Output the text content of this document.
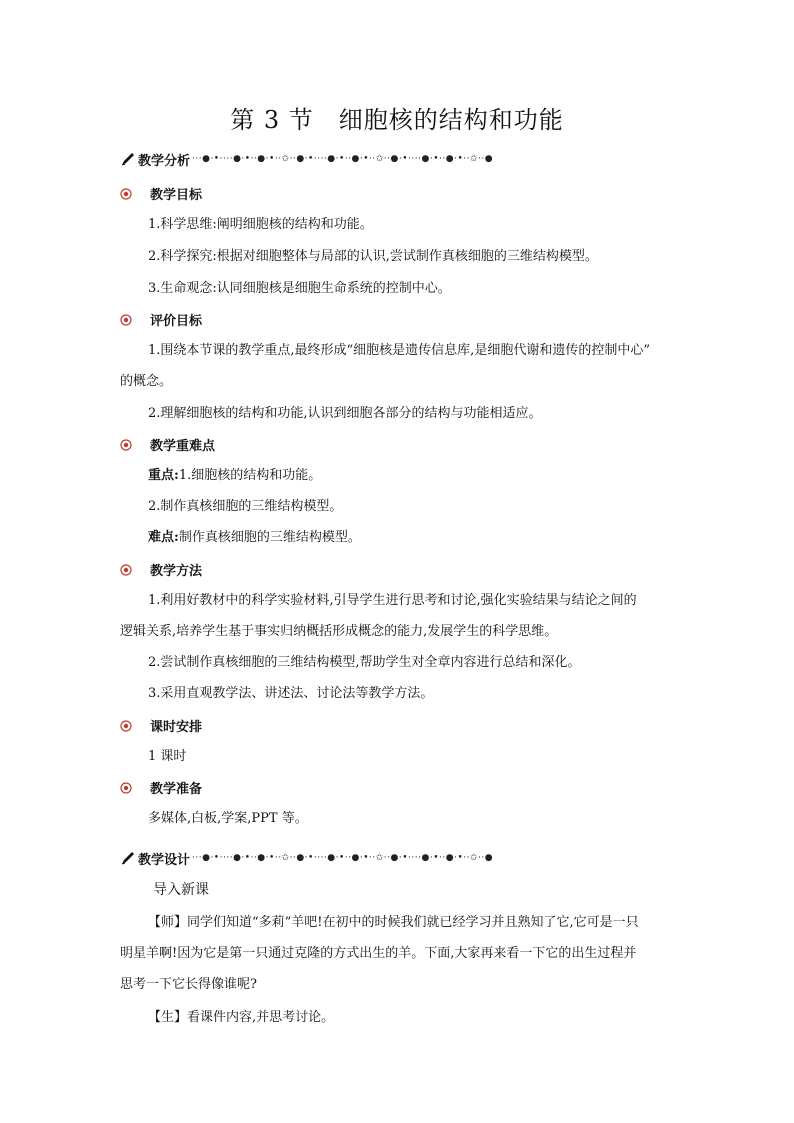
第 3 节　细胞核的结构和功能
教学分析 ···●·•····●·•··●·•··✩··●·•····●·•··●·•··✩··●·•····●·•··●·•··✩··●
教学目标
1.科学思维:阐明细胞核的结构和功能。
2.科学探究:根据对细胞整体与局部的认识,尝试制作真核细胞的三维结构模型。
3.生命观念:认同细胞核是细胞生命系统的控制中心。
评价目标
1.围绕本节课的教学重点,最终形成“细胞核是遗传信息库,是细胞代谢和遗传的控制中心”
的概念。
2.理解细胞核的结构和功能,认识到细胞各部分的结构与功能相适应。
教学重难点
重点:1.细胞核的结构和功能。
2.制作真核细胞的三维结构模型。
难点:制作真核细胞的三维结构模型。
教学方法
1.利用好教材中的科学实验材料,引导学生进行思考和讨论,强化实验结果与结论之间的
逻辑关系,培养学生基于事实归纳概括形成概念的能力,发展学生的科学思维。
2.尝试制作真核细胞的三维结构模型,帮助学生对全章内容进行总结和深化。
3.采用直观教学法、讲述法、讨论法等教学方法。
课时安排
1 课时
教学准备
多媒体,白板,学案,PPT 等。
教学设计 ···●·•····●·•··●·•··✩··●·•····●·•··●·•··✩··●·•····●·•··●·•··✩··●
导入新课
【师】同学们知道“多莉”羊吧!在初中的时候我们就已经学习并且熟知了它,它可是一只
明星羊啊!因为它是第一只通过克隆的方式出生的羊。下面,大家再来看一下它的出生过程并
思考一下它长得像谁呢?
【生】看课件内容,并思考讨论。
